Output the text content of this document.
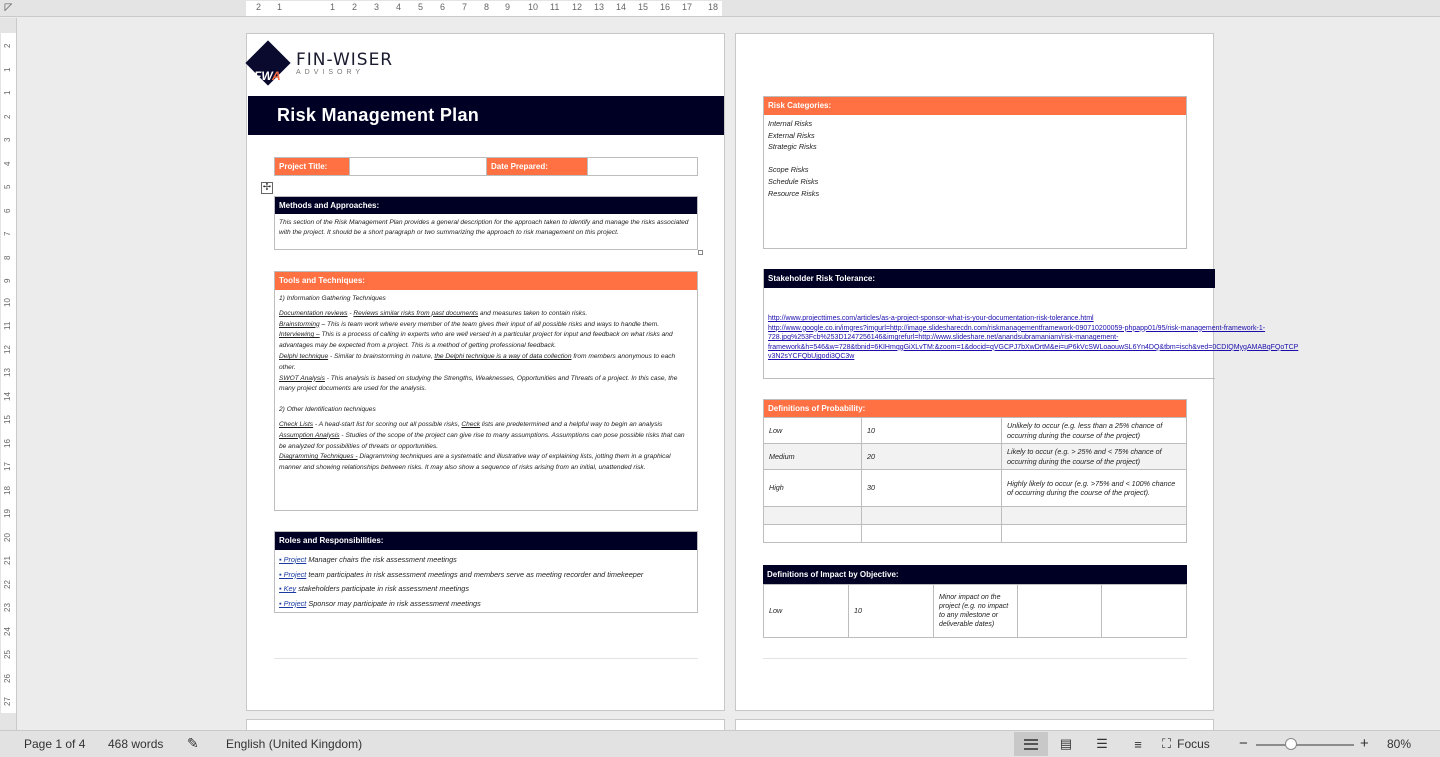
2 1	1 2 3 4 5 6 7 8 9 10 11 12 13 14 15 16 17 18
◸
2
1
1
2
3
4
5
6
7
8
9
10
11
12
13
14
15
16
17
18
19
20
21
22
23
24
25
26
27
FWA
FIN-WISER
ADVISORY
Risk Management Plan
Project Title:	Date Prepared:
✢
Methods and Approaches:
This section of the Risk Management Plan provides a general description for the approach taken to identify and manage the risks associated with the project. It should be a short paragraph or two summarizing the approach to risk management on this project.
Tools and Techniques:
1) Information Gathering Techniques
Documentation reviews - Reviews similar risks from past documents and measures taken to contain risks.
Brainstorming – This is team work where every member of the team gives their input of all possible risks and ways to handle them.
Interviewing – This is a process of calling in experts who are well versed in a particular project for input and feedback on what risks and advantages may be expected from a project. This is a method of getting professional feedback.
Delphi technique - Similar to brainstorming in nature, the Delphi technique is a way of data collection from members anonymous to each other.
SWOT Analysis - This analysis is based on studying the Strengths, Weaknesses, Opportunities and Threats of a project. In this case, the many project documents are used for the analysis.
2) Other Identification techniques
Check Lists - A head-start list for scoring out all possible risks, Check lists are predetermined and a helpful way to begin an analysis
Assumption Analysis - Studies of the scope of the project can give rise to many assumptions. Assumptions can pose possible risks that can be analyzed for possibilities of threats or opportunities.
Diagramming Techniques - Diagramming techniques are a systematic and illustrative way of explaining lists, jotting them in a graphical manner and showing relationships between risks. It may also show a sequence of risks arising from an initial, unattended risk.
Roles and Responsibilities:
▪ Project Manager chairs the risk assessment meetings
▪ Project team participates in risk assessment meetings and members serve as meeting recorder and timekeeper
▪ Key stakeholders participate in risk assessment meetings
▪ Project Sponsor may participate in risk assessment meetings
Risk Categories:
Internal Risks
External Risks
Strategic Risks
Scope Risks
Schedule Risks
Resource Risks
Stakeholder Risk Tolerance:
http://www.projecttimes.com/articles/as-a-project-sponsor-what-is-your-documentation-risk-tolerance.html
http://www.google.co.in/imgres?imgurl=http://image.slidesharecdn.com/riskmanagementframework-090710200059-phpapp01/95/risk-management-framework-1-
728.jpg%253Fcb%253D1247256146&imgrefurl=http://www.slideshare.net/anandsubramaniam/risk-management-
framework&h=546&w=728&tbnid=6KIHmqgGiXLvTM:&zoom=1&docid=qVGCPJ7bXwDrtM&ei=uP6kVcSWLoaouwSL6Yn4DQ&tbm=isch&ved=0CDIQMygAMABqFQoTCP
v3N2sYCFQbUjgodi3QC3w
Definitions of Probability:
Low	10	Unlikely to occur (e.g. less than a 25% chance of occurring during the course of the project)
Medium	20	Likely to occur (e.g. > 25% and < 75% chance of occurring during the course of the project)
High	30	Highly likely to occur (e.g. >75% and < 100% chance of occurring during the course of the project).

Definitions of Impact by Objective:
Low	10	Minor impact on the project (e.g. no impact to any milestone or deliverable dates)		
Page 1 of 4 468 words ✎ English (United Kingdom)	▤ ☰ ≡ ⛶ Focus −	+ 80%
